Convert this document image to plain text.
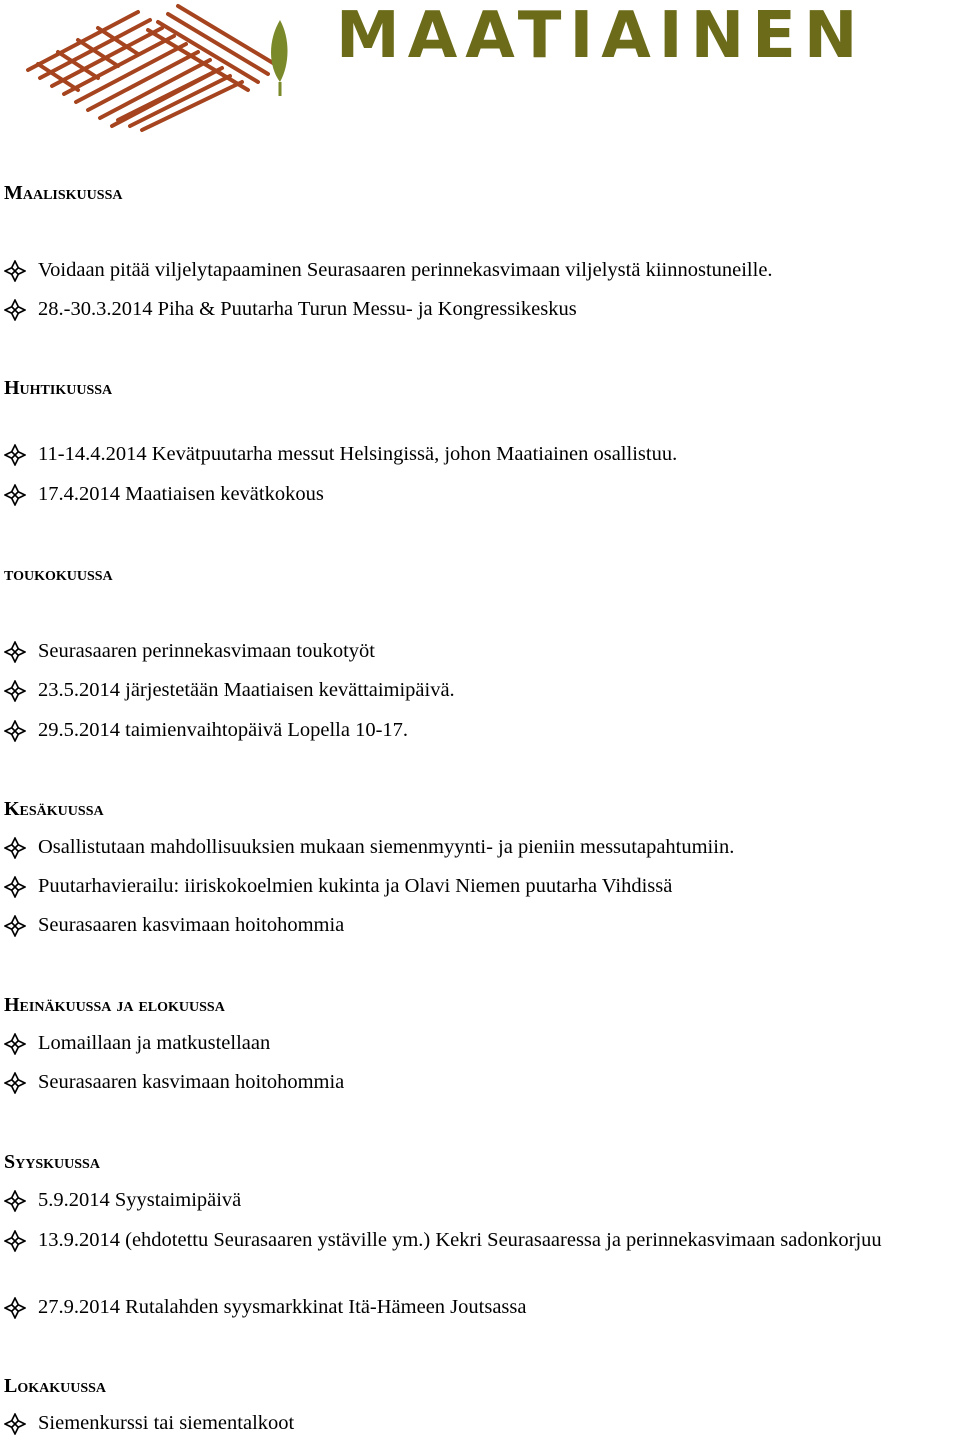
MAATIAINEN
Maaliskuussa
Voidaan pitää viljelytapaaminen Seurasaaren perinnekasvimaan viljelystä kiinnostuneille.
28.-30.3.2014 Piha & Puutarha Turun Messu- ja Kongressikeskus
Huhtikuussa
11-14.4.2014 Kevätpuutarha messut Helsingissä, johon Maatiainen osallistuu.
17.4.2014 Maatiaisen kevätkokous
toukokuussa
Seurasaaren perinnekasvimaan toukotyöt
23.5.2014 järjestetään Maatiaisen kevättaimipäivä.
29.5.2014 taimienvaihtopäivä Lopella 10-17.
Kesäkuussa
Osallistutaan mahdollisuuksien mukaan siemenmyynti- ja pieniin messutapahtumiin.
Puutarhavierailu: iiriskokoelmien kukinta ja Olavi Niemen puutarha Vihdissä
Seurasaaren kasvimaan hoitohommia
Heinäkuussa ja elokuussa
Lomaillaan ja matkustellaan
Seurasaaren kasvimaan hoitohommia
Syyskuussa
5.9.2014 Syystaimipäivä
13.9.2014 (ehdotettu Seurasaaren ystäville ym.) Kekri Seurasaaressa ja perinnekasvimaan sadonkorjuu
27.9.2014 Rutalahden syysmarkkinat Itä-Hämeen Joutsassa
Lokakuussa
Siemenkurssi tai siementalkoot
